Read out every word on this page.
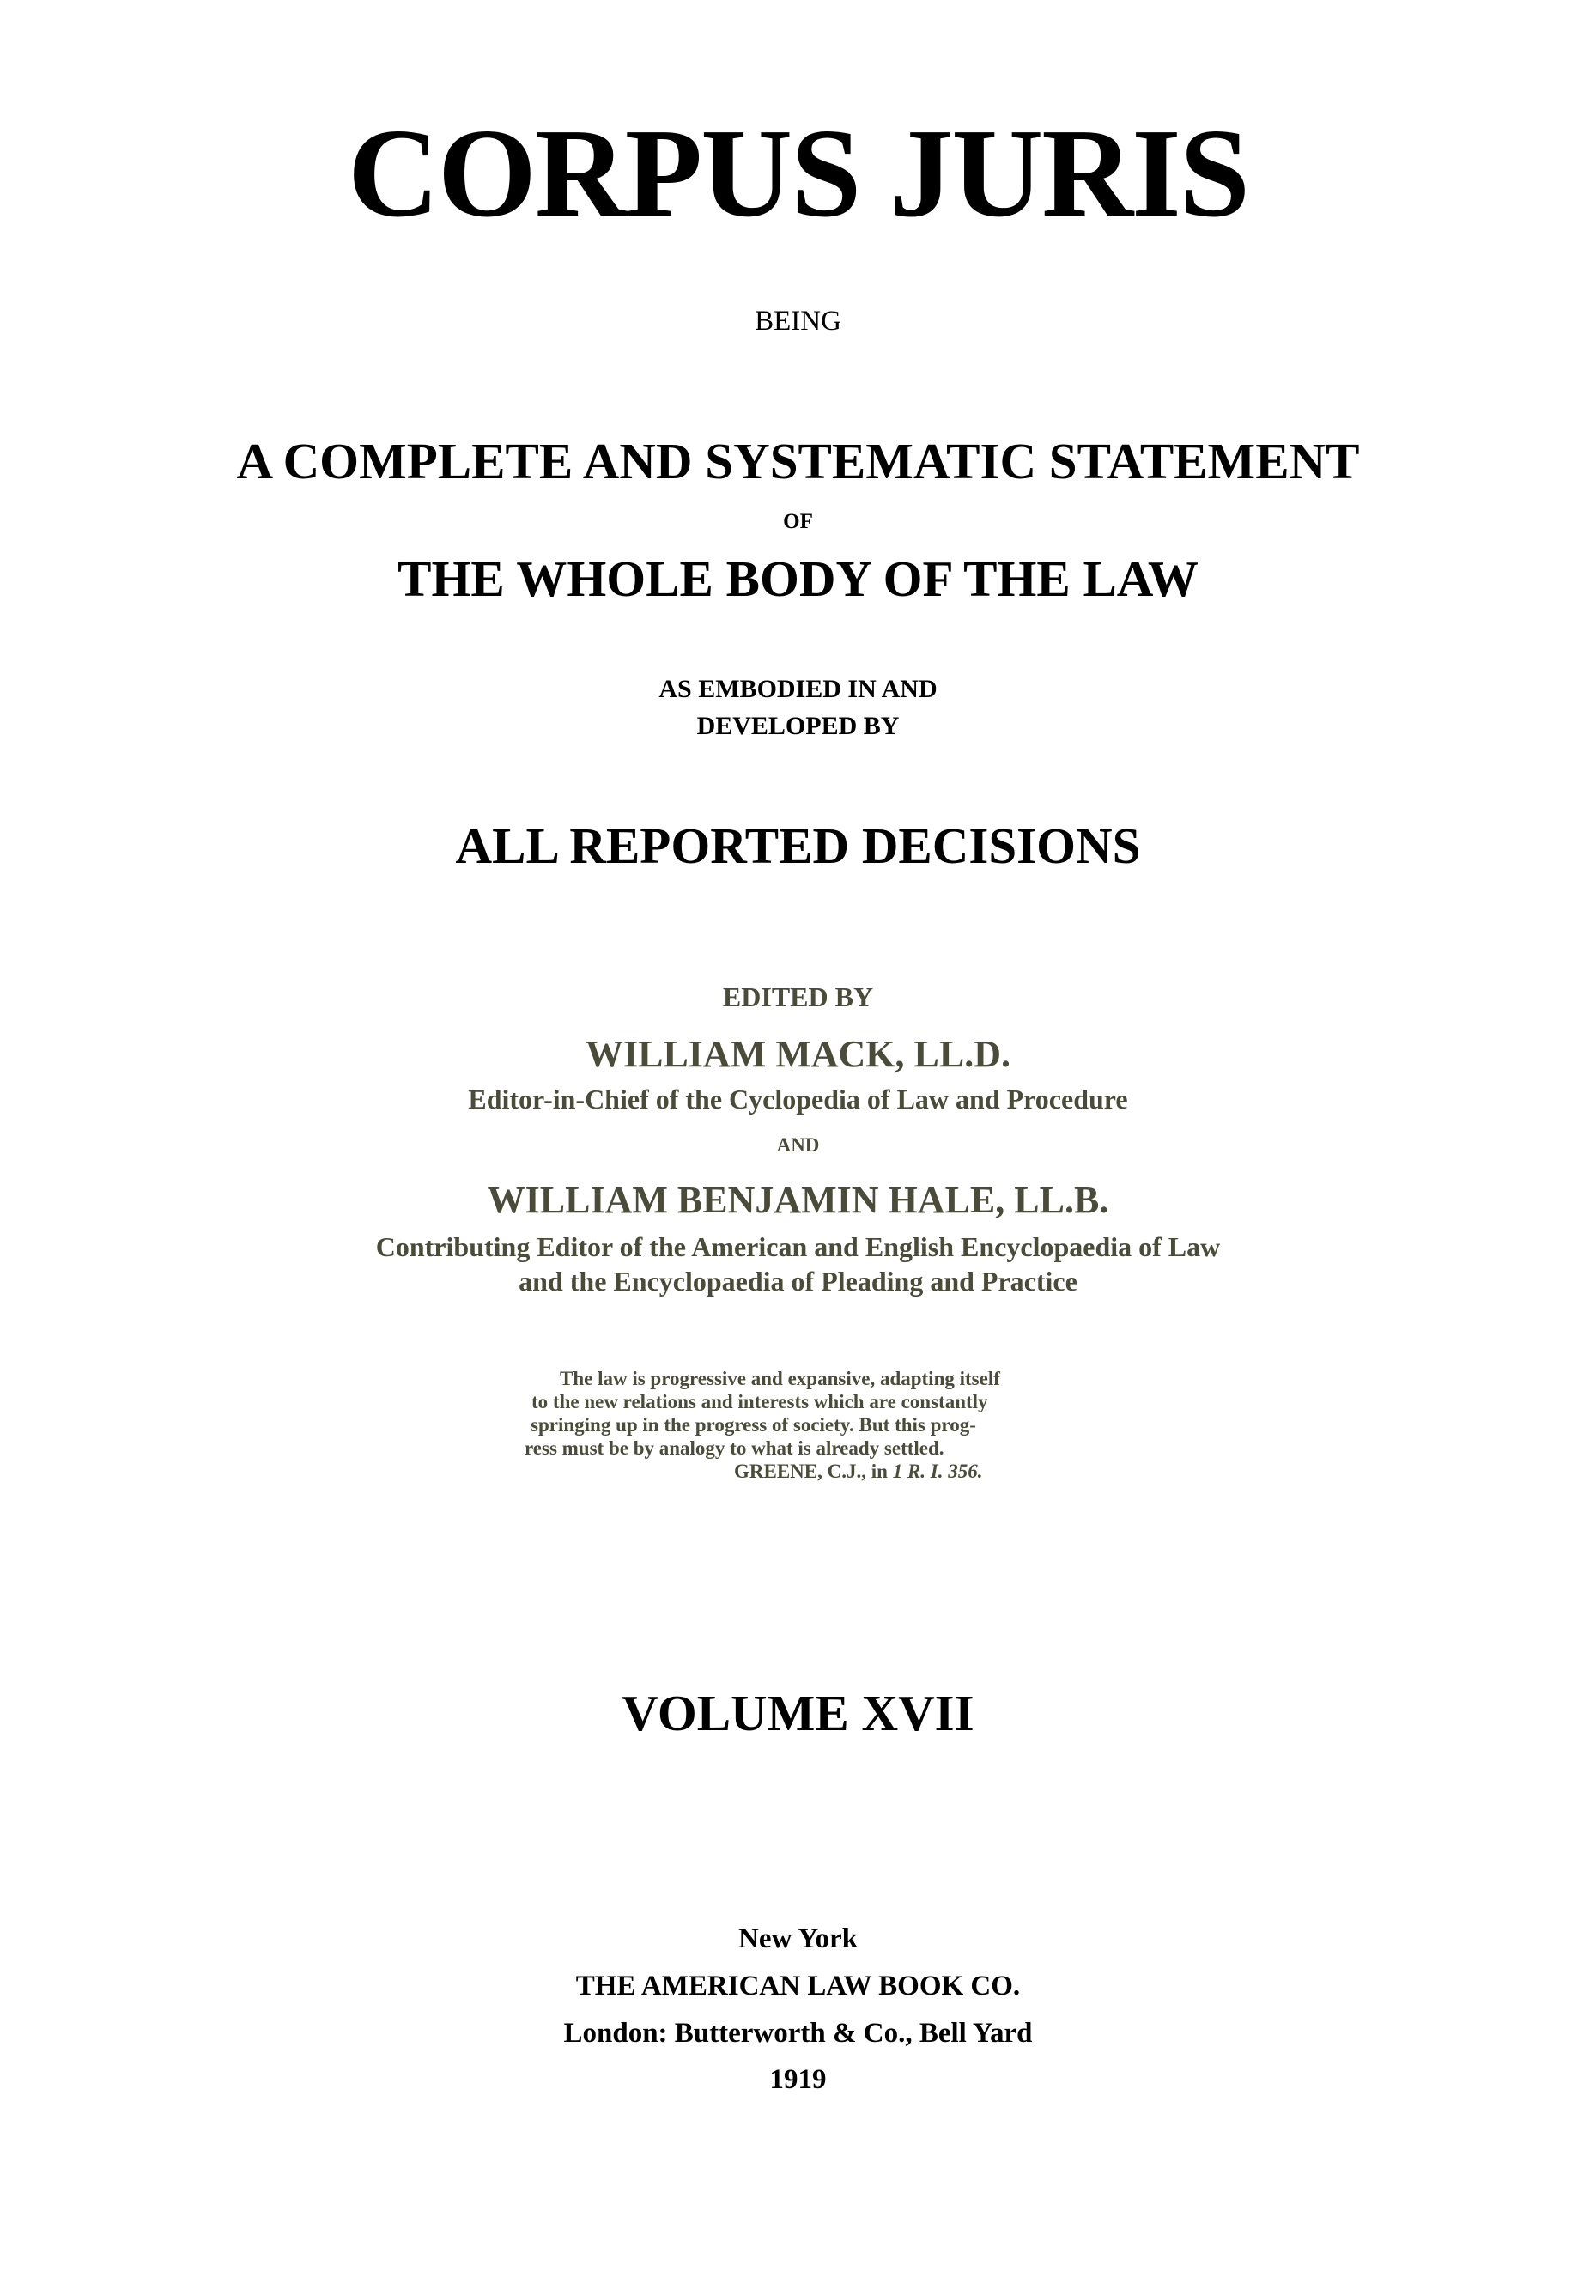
CORPUS JURIS
BEING
A COMPLETE AND SYSTEMATIC STATEMENT
OF
THE WHOLE BODY OF THE LAW
AS EMBODIED IN AND
DEVELOPED BY
ALL REPORTED DECISIONS
EDITED BY
WILLIAM MACK, LL.D.
Editor-in-Chief of the Cyclopedia of Law and Procedure
AND
WILLIAM BENJAMIN HALE, LL.B.
Contributing Editor of the American and English Encyclopaedia of Law
and the Encyclopaedia of Pleading and Practice
The law is progressive and expansive, adapting itself
to the new relations and interests which are constantly
springing up in the progress of society. But this prog-
ress must be by analogy to what is already settled.
GREENE, C.J., in 1 R. I. 356.
VOLUME XVII
New York
THE AMERICAN LAW BOOK CO.
London: Butterworth & Co., Bell Yard
1919
